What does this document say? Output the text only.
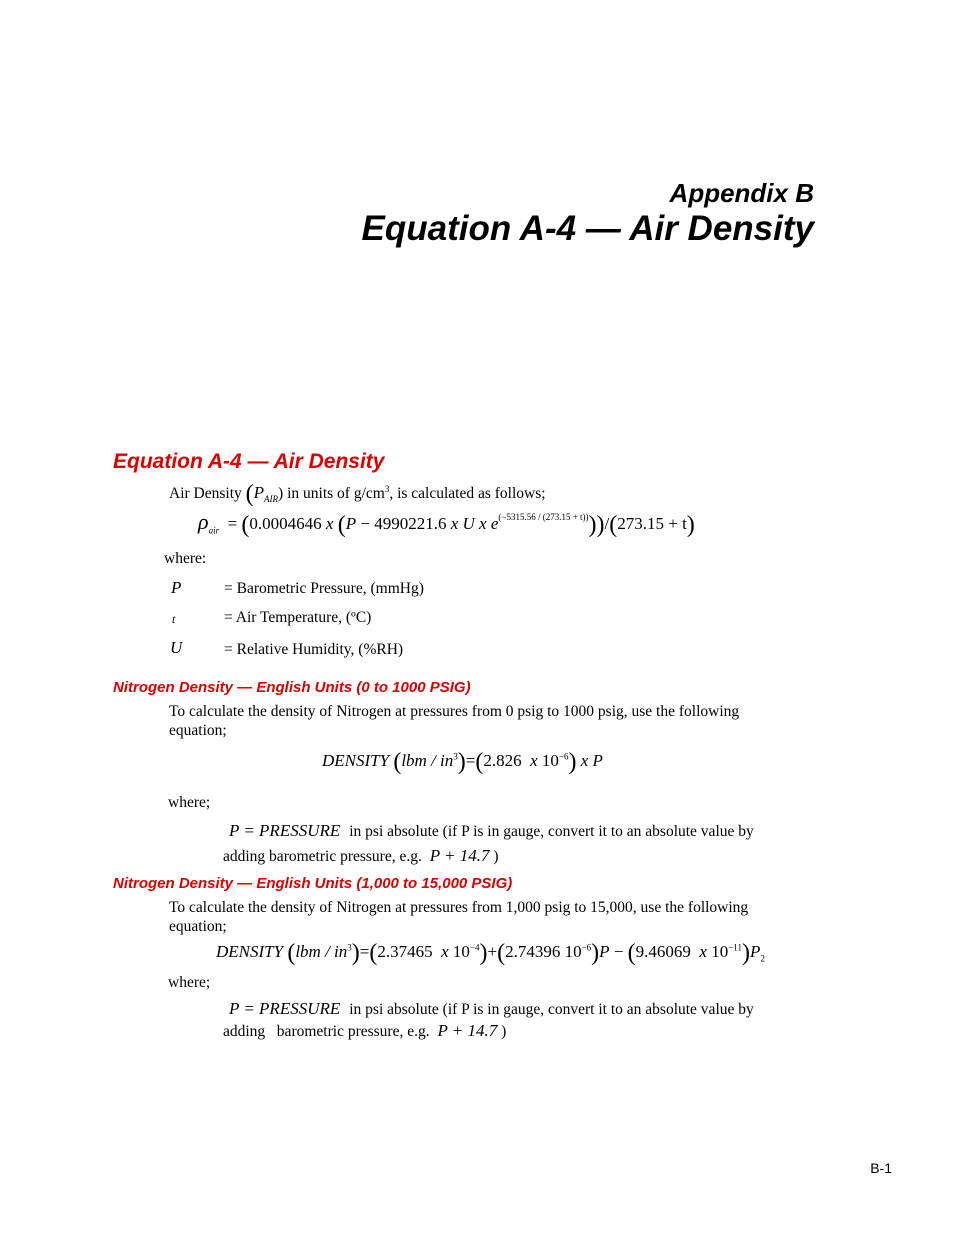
Appendix B
Equation A-4 — Air Density
Equation A-4 — Air Density
Air Density $(P_{AIR})$ in units of $g/cm^3$, is calculated as follows;
$\rho_{air} = (0.0004646$ x (P − 4990221.6 x U x $e^{(-5315.56 / (273.15 + t))}))/(273.15 + t)$
where:
P	= Barometric Pressure, (mmHg)
t	= Air Temperature, (ºC)
U	= Relative Humidity, (%RH)
Nitrogen Density — English Units (0 to 1000 PSIG)
To calculate the density of Nitrogen at pressures from 0 psig to 1000 psig, use the following
equation;
DENSITY $(lbm / in^3)=(2.826$ x $10^{-6}$) x P
where;
P = PRESSURE in psi absolute (if P is in gauge, convert it to an absolute value by
adding barometric pressure, e.g. P + 14.7 )
Nitrogen Density — English Units (1,000 to 15,000 PSIG)
To calculate the density of Nitrogen at pressures from 1,000 psig to 15,000, use the following
equation;
DENSITY $(lbm / in^3)=(2.37465$ x $10^{-4})+(2.74396$ $10^{-6})P - (9.46069$ x $10^{-11})P_2$
where;
P = PRESSURE in psi absolute (if P is in gauge, convert it to an absolute value by
adding   barometric pressure, e.g. P + 14.7 )
B-1
